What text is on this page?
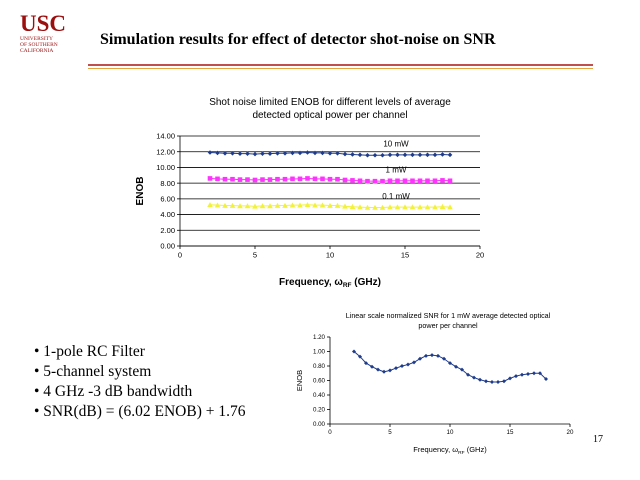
USC
UNIVERSITY
OF SOUTHERN
CALIFORNIA
Simulation results for effect of detector shot-noise on SNR
Shot noise limited ENOB for different levels of average
detected optical power per channel
0.00
2.00
4.00
6.00
8.00
10.00
12.00
14.00
0	5	10	15	20
Frequency, $\omega_{RF}$ (GHz)
ENOB
10 mW
1 mW
0.1 mW
Linear scale normalized SNR for 1 mW average detected optical
power per channel
0.00
0.20
0.40
0.60
0.80
1.00
1.20
0	5	10	15	20
Frequency, $\omega_{RF}$ (GHz)
ENOB
• 1-pole RC Filter
• 5-channel system
• 4 GHz -3 dB bandwidth
• SNR(dB) = (6.02 ENOB) + 1.76
17
